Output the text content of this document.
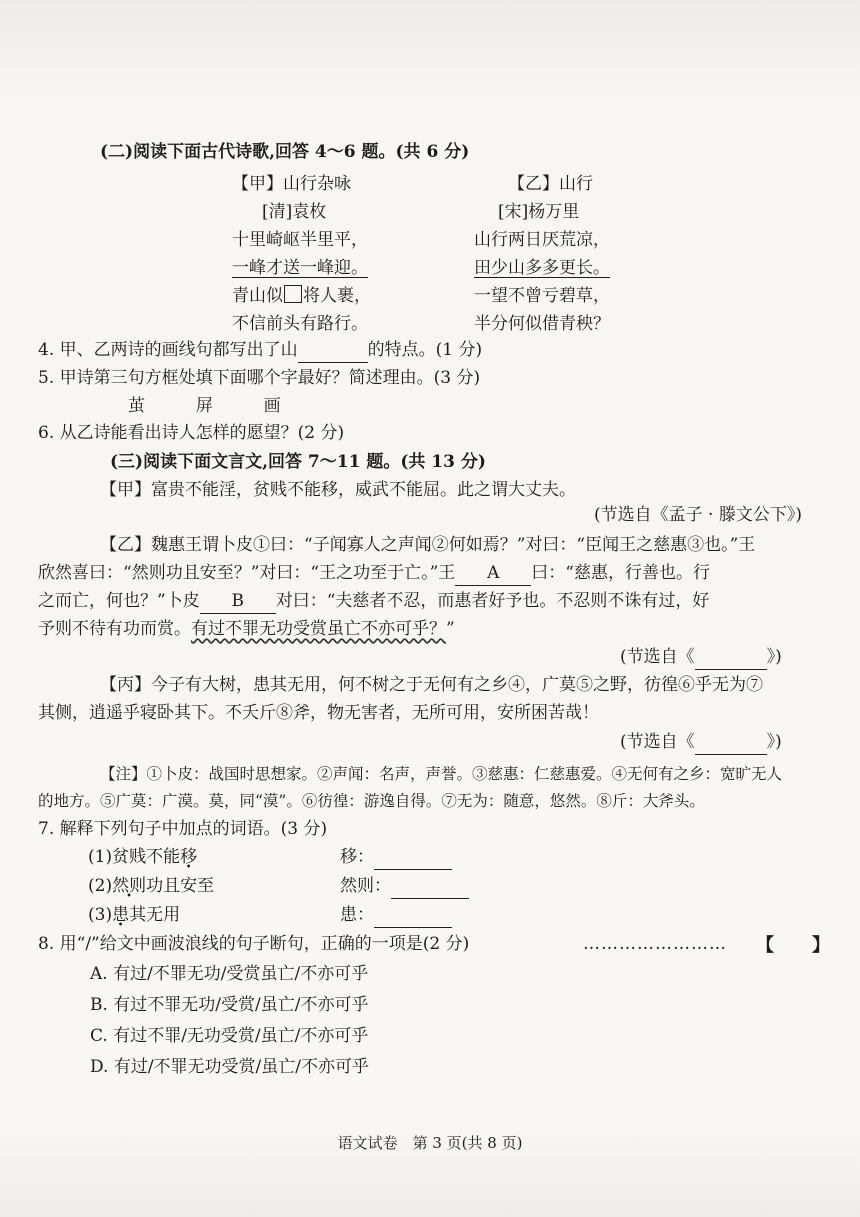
(二)阅读下面古代诗歌,回答 4～6 题。(共 6 分)
【甲】山行杂咏
[清]袁枚
十里崎岖半里平，
一峰才送一峰迎。
青山似 将人裹，
不信前头有路行。
【乙】山行
[宋]杨万里
山行两日厌荒凉，
田少山多多更长。
一望不曾亏碧草，
半分何似借青秧？
4. 甲、乙两诗的画线句都写出了山	的特点。(1 分)
5. 甲诗第三句方框处填下面哪个字最好？简述理由。(3 分)
茧	屏	画
6. 从乙诗能看出诗人怎样的愿望？(2 分)
(三)阅读下面文言文,回答 7～11 题。(共 13 分)
【甲】富贵不能淫，贫贱不能移，威武不能屈。此之谓大丈夫。
(节选自《孟子 · 滕文公下》)
【乙】魏惠王谓卜皮①曰：“子闻寡人之声闻②何如焉？”对曰：“臣闻王之慈惠③也。”王
欣然喜曰：“然则功且安至？”对曰：“王之功至于亡。”王 A 曰：“慈惠，行善也。行
之而亡，何也？”卜皮 B 对曰：“夫慈者不忍，而惠者好予也。不忍则不诛有过，好
予则不待有功而赏。有过不罪无功受赏虽亡不亦可乎？”
(节选自《	》)
【丙】今子有大树，患其无用，何不树之于无何有之乡④，广莫⑤之野，彷徨⑥乎无为⑦
其侧，逍遥乎寝卧其下。不夭斤⑧斧，物无害者，无所可用，安所困苦哉！
(节选自《	》)
【注】①卜皮：战国时思想家。②声闻：名声，声誉。③慈惠：仁慈惠爱。④无何有之乡：宽旷无人
的地方。⑤广莫：广漠。莫，同“漠”。⑥彷徨：游逸自得。⑦无为：随意，悠然。⑧斤：大斧头。
7. 解释下列句子中加点的词语。(3 分)
(1)贫贱不能移	移：
(2)然则功且安至	然则：
(3)患其无用	患：
8. 用“/”给文中画波浪线的句子断句，正确的一项是(2 分)	…………………… 【 】
A. 有过/不罪无功/受赏虽亡/不亦可乎
B. 有过不罪无功/受赏/虽亡/不亦可乎
C. 有过不罪/无功受赏/虽亡/不亦可乎
D. 有过/不罪无功受赏/虽亡/不亦可乎
语文试卷　第 3 页(共 8 页)
